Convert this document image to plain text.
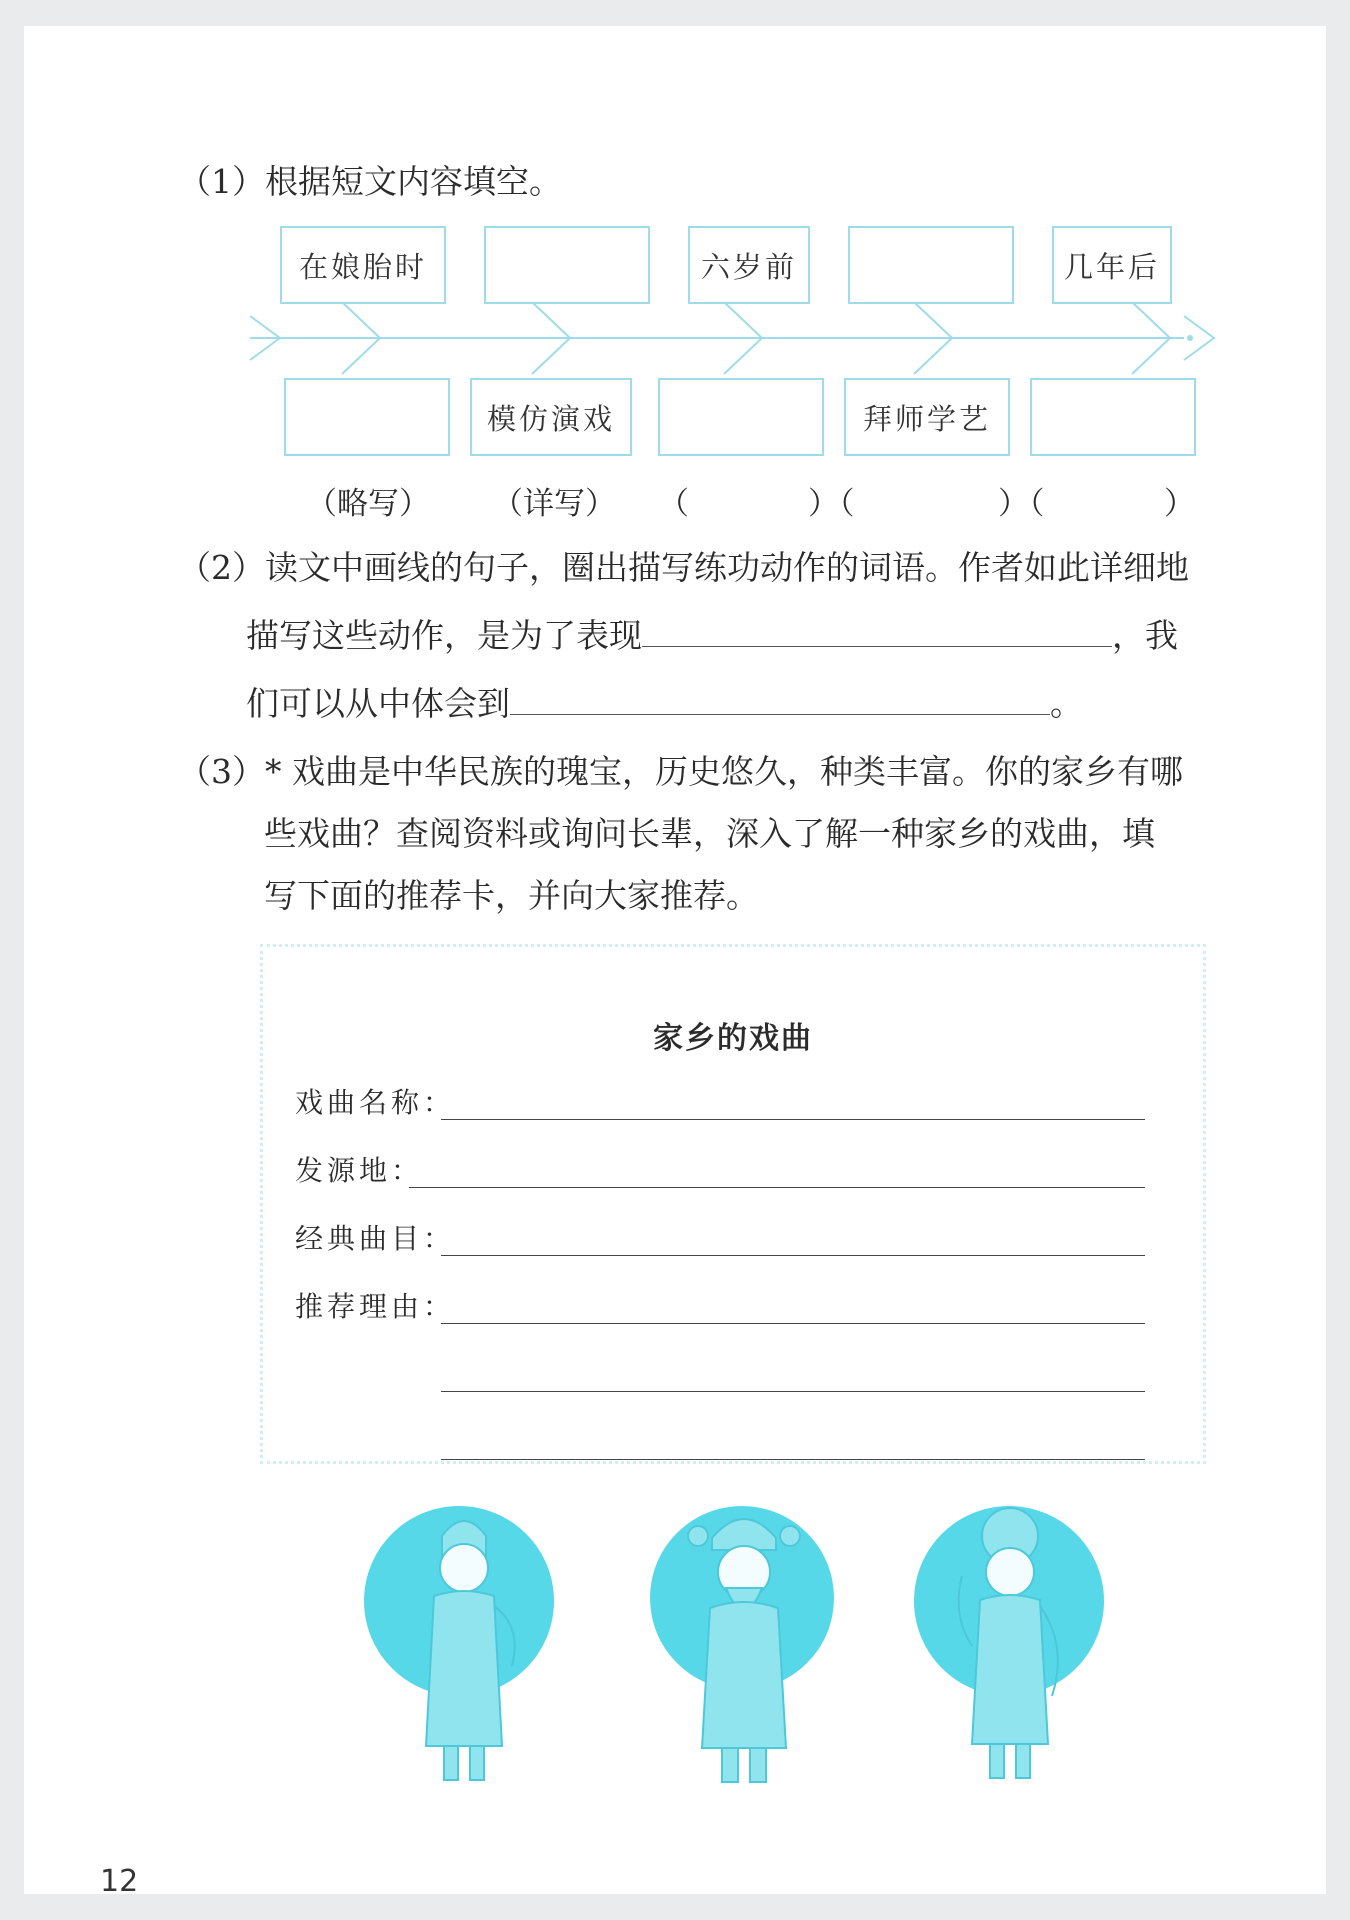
（1）根据短文内容填空。
在娘胎时	六岁前	几年后
模仿演戏	拜师学艺
（略写） （详写） （	）（	）（	）
（2）读文中画线的句子，圈出描写练功动作的词语。作者如此详细地
描写这些动作，是为了表现	，我
们可以从中体会到	。
（3）* 戏曲是中华民族的瑰宝，历史悠久，种类丰富。你的家乡有哪
些戏曲？查阅资料或询问长辈，深入了解一种家乡的戏曲，填
写下面的推荐卡，并向大家推荐。
家乡的戏曲
戏曲名称：
发源地：
经典曲目：
推荐理由：
12
